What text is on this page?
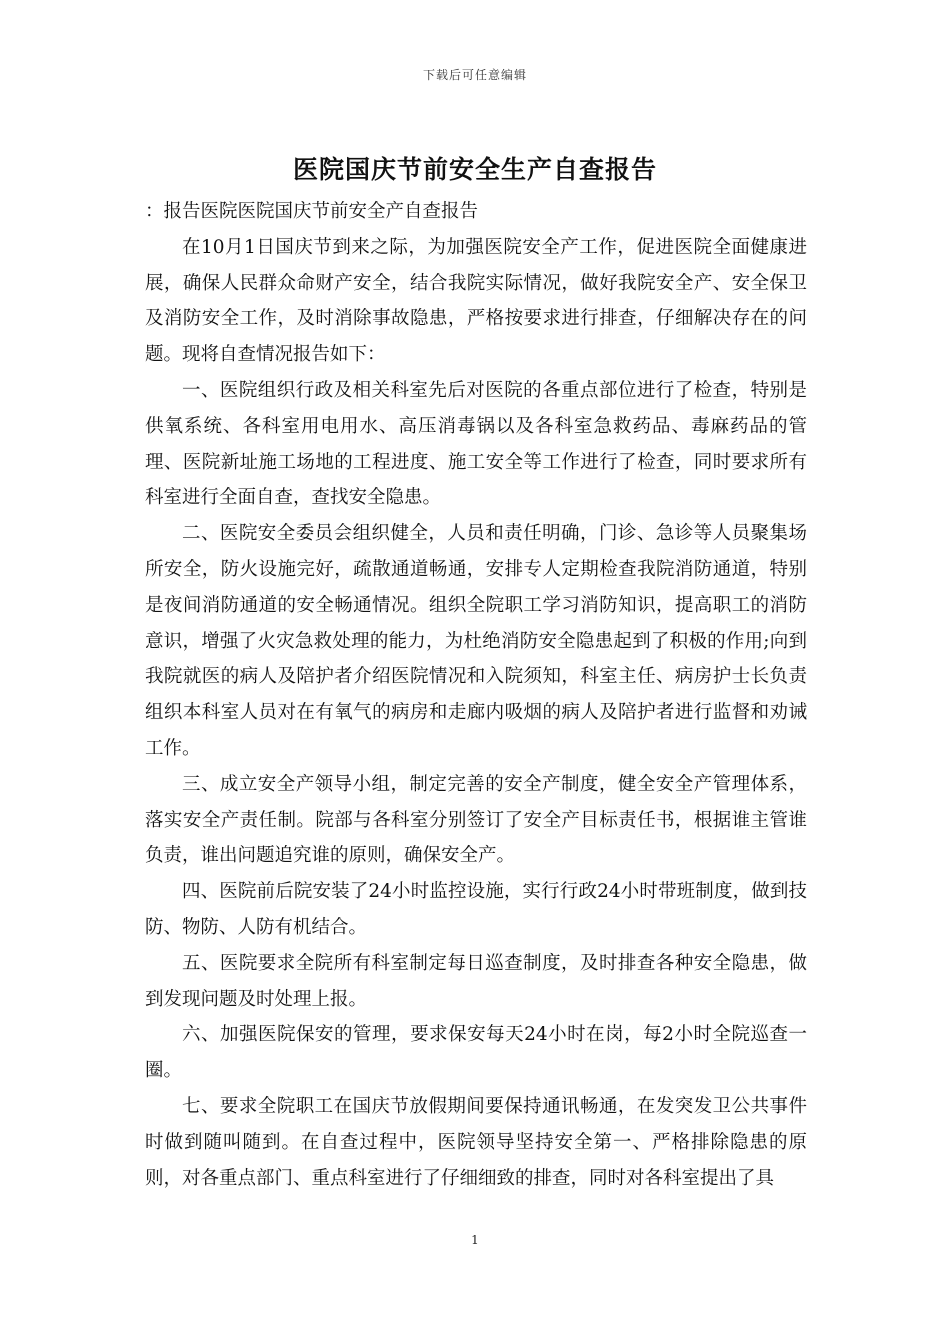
下载后可任意编辑
医院国庆节前安全生产自查报告

：报告医院医院国庆节前安全产自查报告

在10月1日国庆节到来之际，为加强医院安全产工作，促进医院全面健康进展，确保人民群众命财产安全，结合我院实际情况，做好我院安全产、安全保卫及消防安全工作，及时消除事故隐患，严格按要求进行排查，仔细解决存在的问题。现将自查情况报告如下：

一、医院组织行政及相关科室先后对医院的各重点部位进行了检查，特别是供氧系统、各科室用电用水、高压消毒锅以及各科室急救药品、毒麻药品的管理、医院新址施工场地的工程进度、施工安全等工作进行了检查，同时要求所有科室进行全面自查，查找安全隐患。

二、医院安全委员会组织健全，人员和责任明确，门诊、急诊等人员聚集场所安全，防火设施完好，疏散通道畅通，安排专人定期检查我院消防通道，特别是夜间消防通道的安全畅通情况。组织全院职工学习消防知识，提高职工的消防意识，增强了火灾急救处理的能力，为杜绝消防安全隐患起到了积极的作用;向到我院就医的病人及陪护者介绍医院情况和入院须知，科室主任、病房护士长负责组织本科室人员对在有氧气的病房和走廊内吸烟的病人及陪护者进行监督和劝诫工作。

三、成立安全产领导小组，制定完善的安全产制度，健全安全产管理体系，落实安全产责任制。院部与各科室分别签订了安全产目标责任书，根据谁主管谁负责，谁出问题追究谁的原则，确保安全产。

四、医院前后院安装了24小时监控设施，实行行政24小时带班制度，做到技防、物防、人防有机结合。

五、医院要求全院所有科室制定每日巡查制度，及时排查各种安全隐患，做到发现问题及时处理上报。

六、加强医院保安的管理，要求保安每天24小时在岗，每2小时全院巡查一圈。

七、要求全院职工在国庆节放假期间要保持通讯畅通，在发突发卫公共事件时做到随叫随到。在自查过程中，医院领导坚持安全第一、严格排除隐患的原则，对各重点部门、重点科室进行了仔细细致的排查，同时对各科室提出了具

1
